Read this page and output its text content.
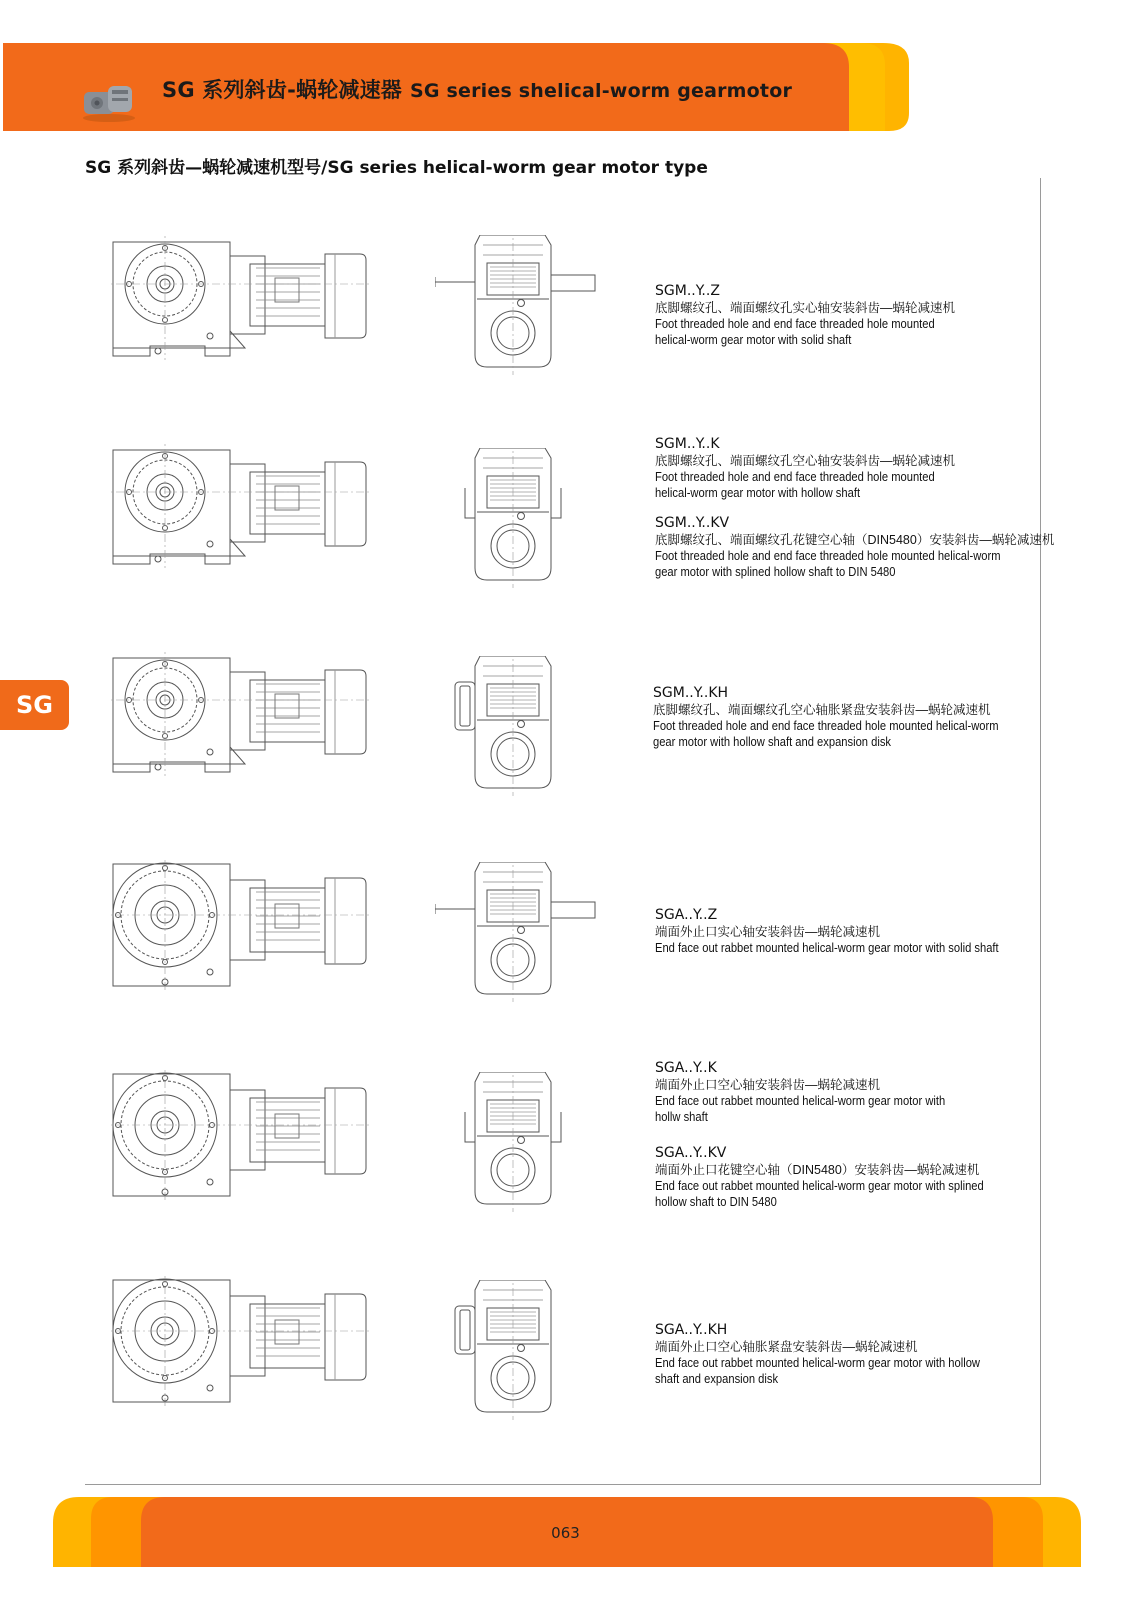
SG 系列斜齿-蜗轮减速器 SG series shelical-worm gearmotor
SG 系列斜齿—蜗轮减速机型号/SG series helical-worm gear motor type
SG
SGM..Y..Z
底脚螺纹孔、端面螺纹孔实心轴安装斜齿—蜗轮减速机
Foot threaded hole and end face threaded hole mounted
helical-worm gear motor with solid shaft
SGM..Y..K
底脚螺纹孔、端面螺纹孔空心轴安装斜齿—蜗轮减速机
Foot threaded hole and end face threaded hole mounted
helical-worm gear motor with hollow shaft
SGM..Y..KV
底脚螺纹孔、端面螺纹孔花键空心轴（DIN5480）安装斜齿—蜗轮减速机
Foot threaded hole and end face threaded hole mounted helical-worm
gear motor with splined hollow shaft to DIN 5480
SGM..Y..KH
底脚螺纹孔、端面螺纹孔空心轴胀紧盘安装斜齿—蜗轮减速机
Foot threaded hole and end face threaded hole mounted helical-worm
gear motor with hollow shaft and expansion disk
SGA..Y..Z
端面外止口实心轴安装斜齿—蜗轮减速机
End face out rabbet mounted helical-worm gear motor with solid shaft
SGA..Y..K
端面外止口空心轴安装斜齿—蜗轮减速机
End face out rabbet mounted helical-worm gear motor with
hollw shaft
SGA..Y..KV
端面外止口花键空心轴（DIN5480）安装斜齿—蜗轮减速机
End face out rabbet mounted helical-worm gear motor with splined
hollow shaft to DIN 5480
SGA..Y..KH
端面外止口空心轴胀紧盘安装斜齿—蜗轮减速机
End face out rabbet mounted helical-worm gear motor with hollow
shaft and expansion disk
063
